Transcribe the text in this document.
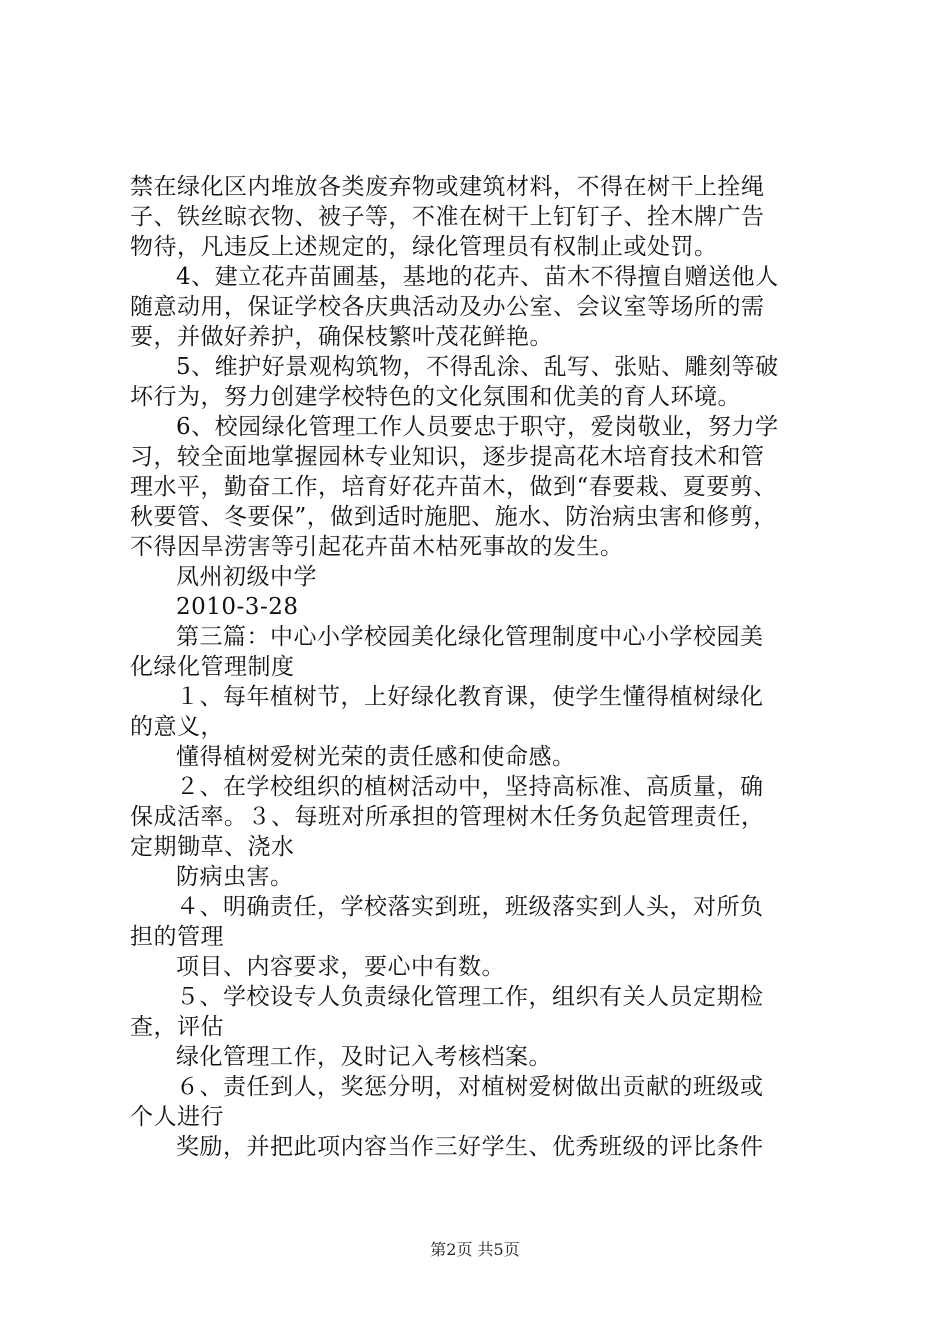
禁在绿化区内堆放各类废弃物或建筑材料，不得在树干上拴绳
子、铁丝晾衣物、被子等，不准在树干上钉钉子、拴木牌广告
物待，凡违反上述规定的，绿化管理员有权制止或处罚。
4、建立花卉苗圃基，基地的花卉、苗木不得擅自赠送他人
随意动用，保证学校各庆典活动及办公室、会议室等场所的需
要，并做好养护，确保枝繁叶茂花鲜艳。
5、维护好景观构筑物，不得乱涂、乱写、张贴、雕刻等破
坏行为，努力创建学校特色的文化氛围和优美的育人环境。
6、校园绿化管理工作人员要忠于职守，爱岗敬业，努力学
习，较全面地掌握园林专业知识，逐步提高花木培育技术和管
理水平，勤奋工作，培育好花卉苗木，做到“春要栽、夏要剪、
秋要管、冬要保”，做到适时施肥、施水、防治病虫害和修剪，
不得因旱涝害等引起花卉苗木枯死事故的发生。
凤州初级中学
2010-3-28
第三篇：中心小学校园美化绿化管理制度中心小学校园美
化绿化管理制度
１、每年植树节，上好绿化教育课，使学生懂得植树绿化
的意义，
懂得植树爱树光荣的责任感和使命感。
２、在学校组织的植树活动中，坚持高标准、高质量，确
保成活率。３、每班对所承担的管理树木任务负起管理责任，
定期锄草、浇水
防病虫害。
４、明确责任，学校落实到班，班级落实到人头，对所负
担的管理
项目、内容要求，要心中有数。
５、学校设专人负责绿化管理工作，组织有关人员定期检
查，评估
绿化管理工作，及时记入考核档案。
６、责任到人，奖惩分明，对植树爱树做出贡献的班级或
个人进行
奖励，并把此项内容当作三好学生、优秀班级的评比条件
第2页 共5页
